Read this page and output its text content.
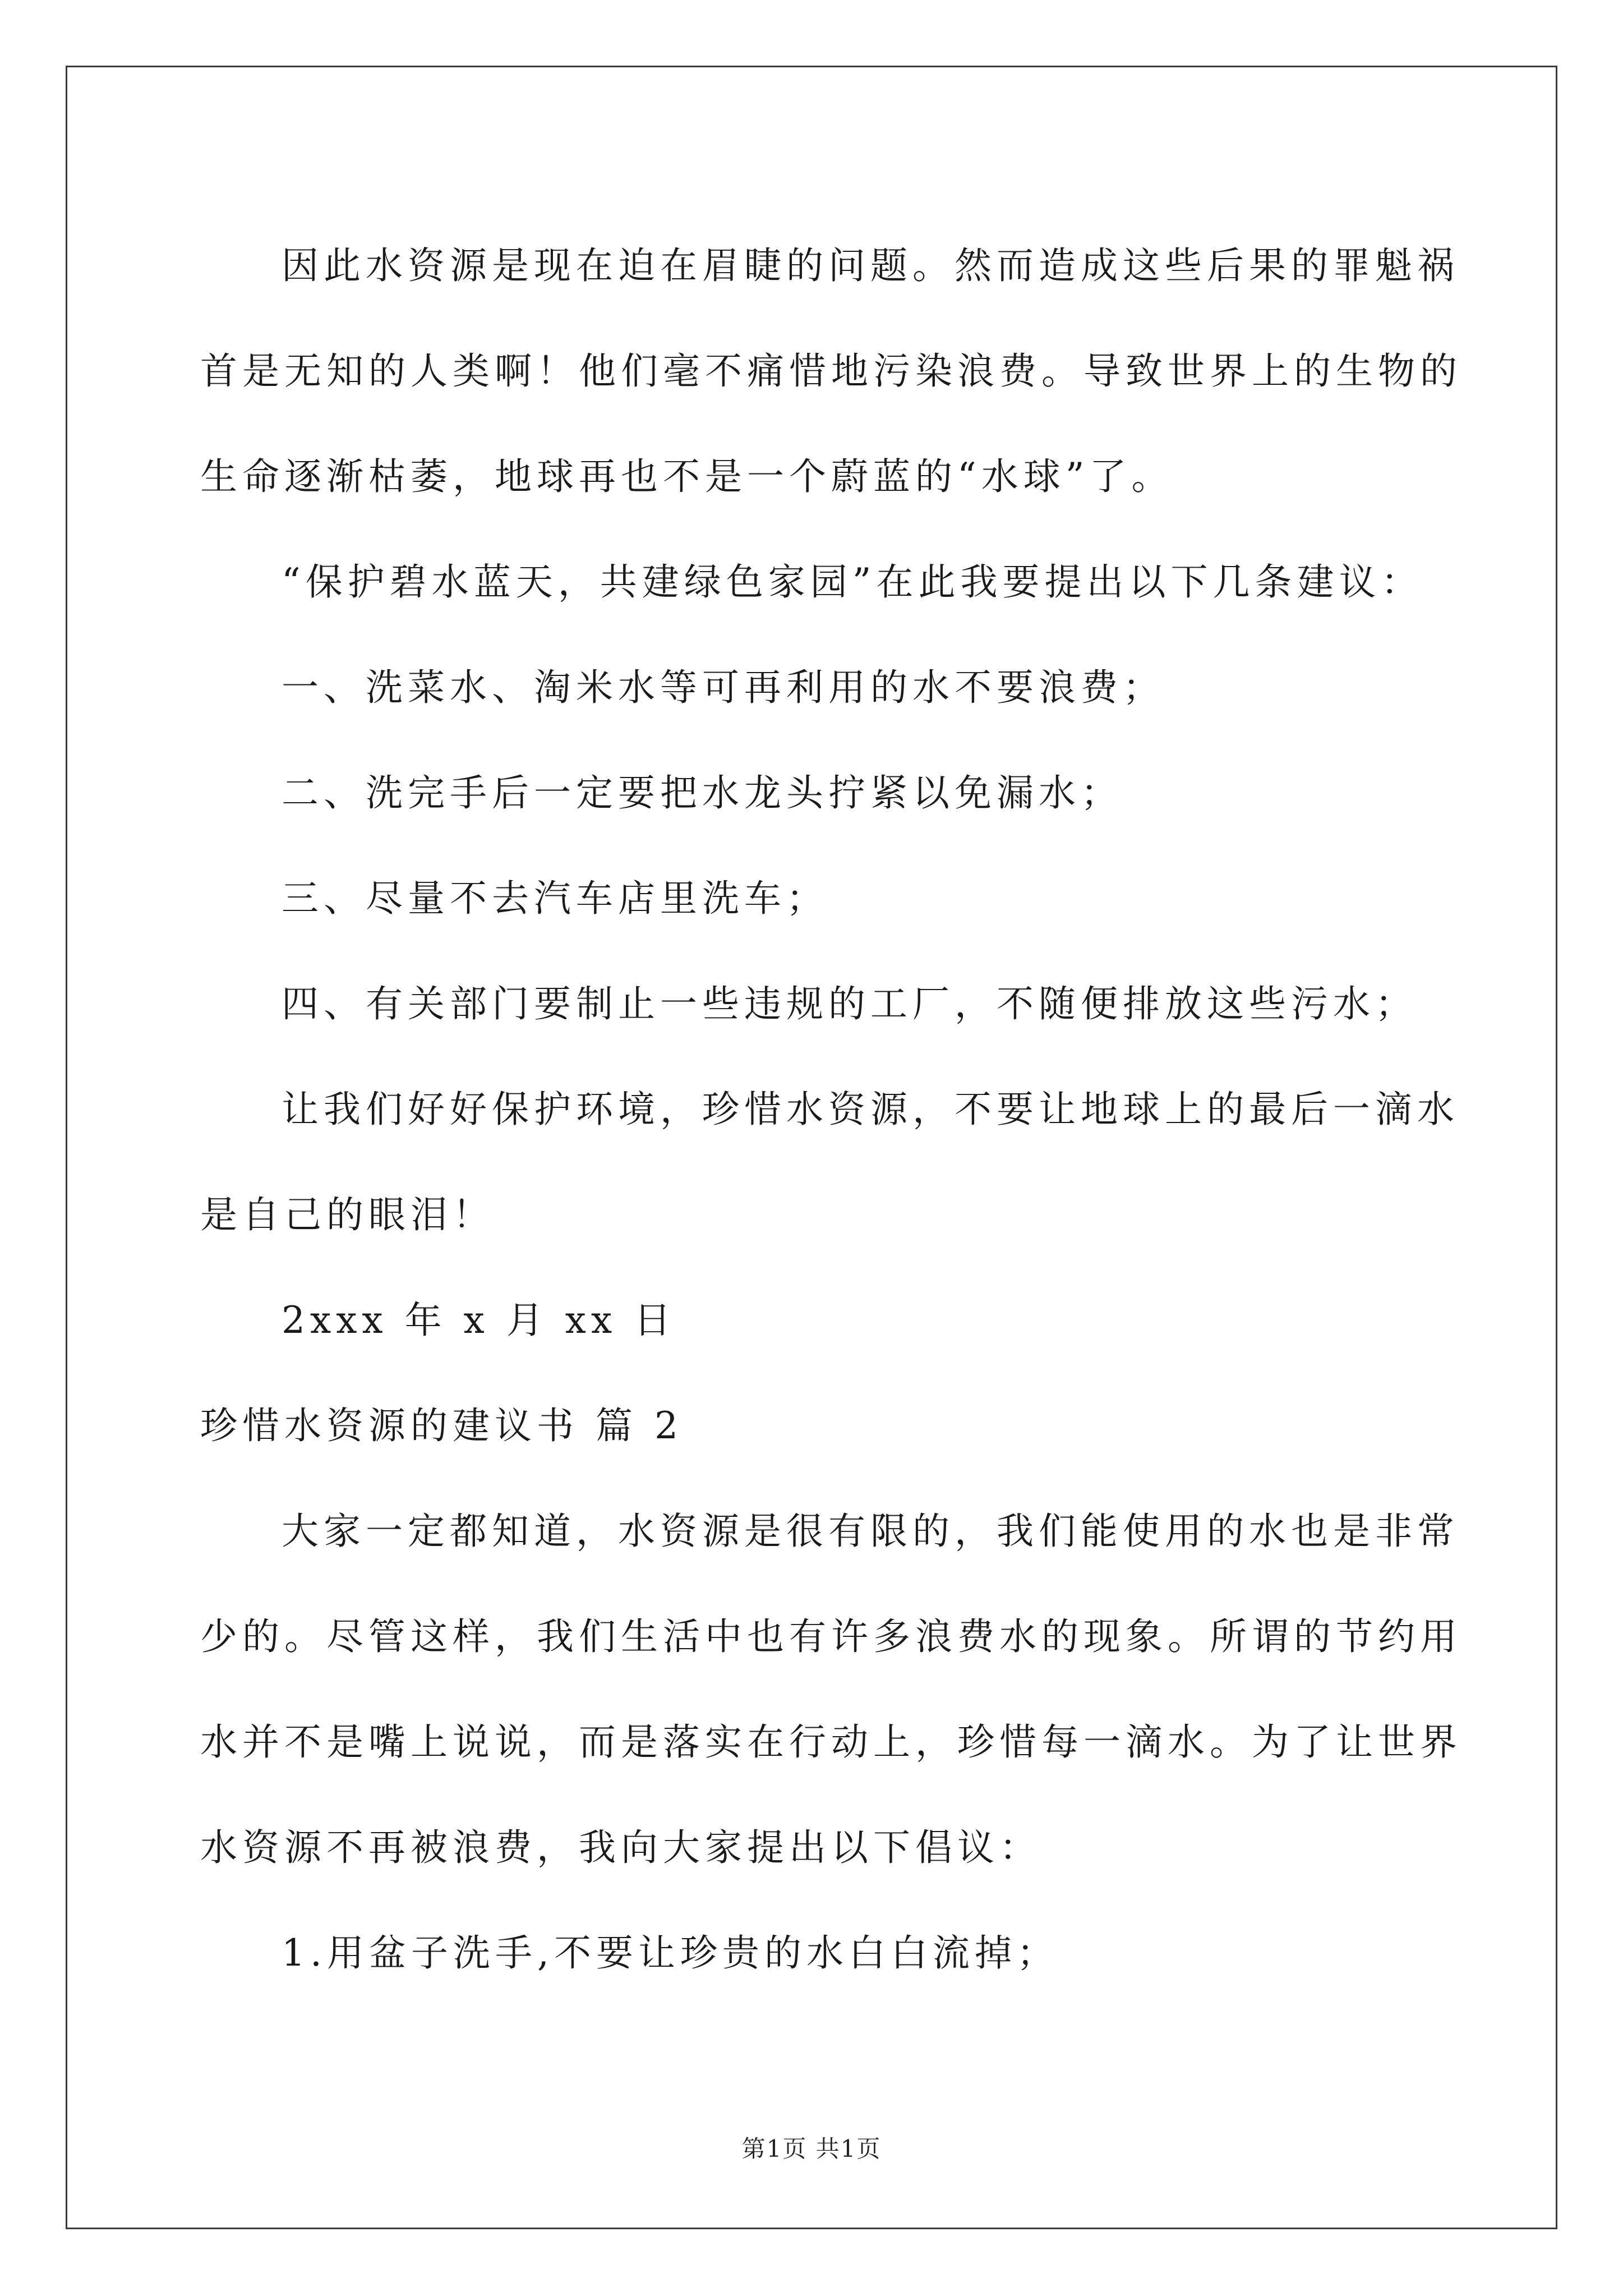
因此水资源是现在迫在眉睫的问题。然而造成这些后果的罪魁祸

首是无知的人类啊！他们毫不痛惜地污染浪费。导致世界上的生物的

生命逐渐枯萎，地球再也不是一个蔚蓝的“水球”了。

“保护碧水蓝天，共建绿色家园”在此我要提出以下几条建议：

一、洗菜水、淘米水等可再利用的水不要浪费；

二、洗完手后一定要把水龙头拧紧以免漏水；

三、尽量不去汽车店里洗车；

四、有关部门要制止一些违规的工厂，不随便排放这些污水；

让我们好好保护环境，珍惜水资源，不要让地球上的最后一滴水

是自己的眼泪！

2xxx 年 x 月 xx 日

珍惜水资源的建议书 篇 2

大家一定都知道，水资源是很有限的，我们能使用的水也是非常

少的。尽管这样，我们生活中也有许多浪费水的现象。所谓的节约用

水并不是嘴上说说，而是落实在行动上，珍惜每一滴水。为了让世界

水资源不再被浪费，我向大家提出以下倡议：

1.用盆子洗手,不要让珍贵的水白白流掉；

第1页 共1页
